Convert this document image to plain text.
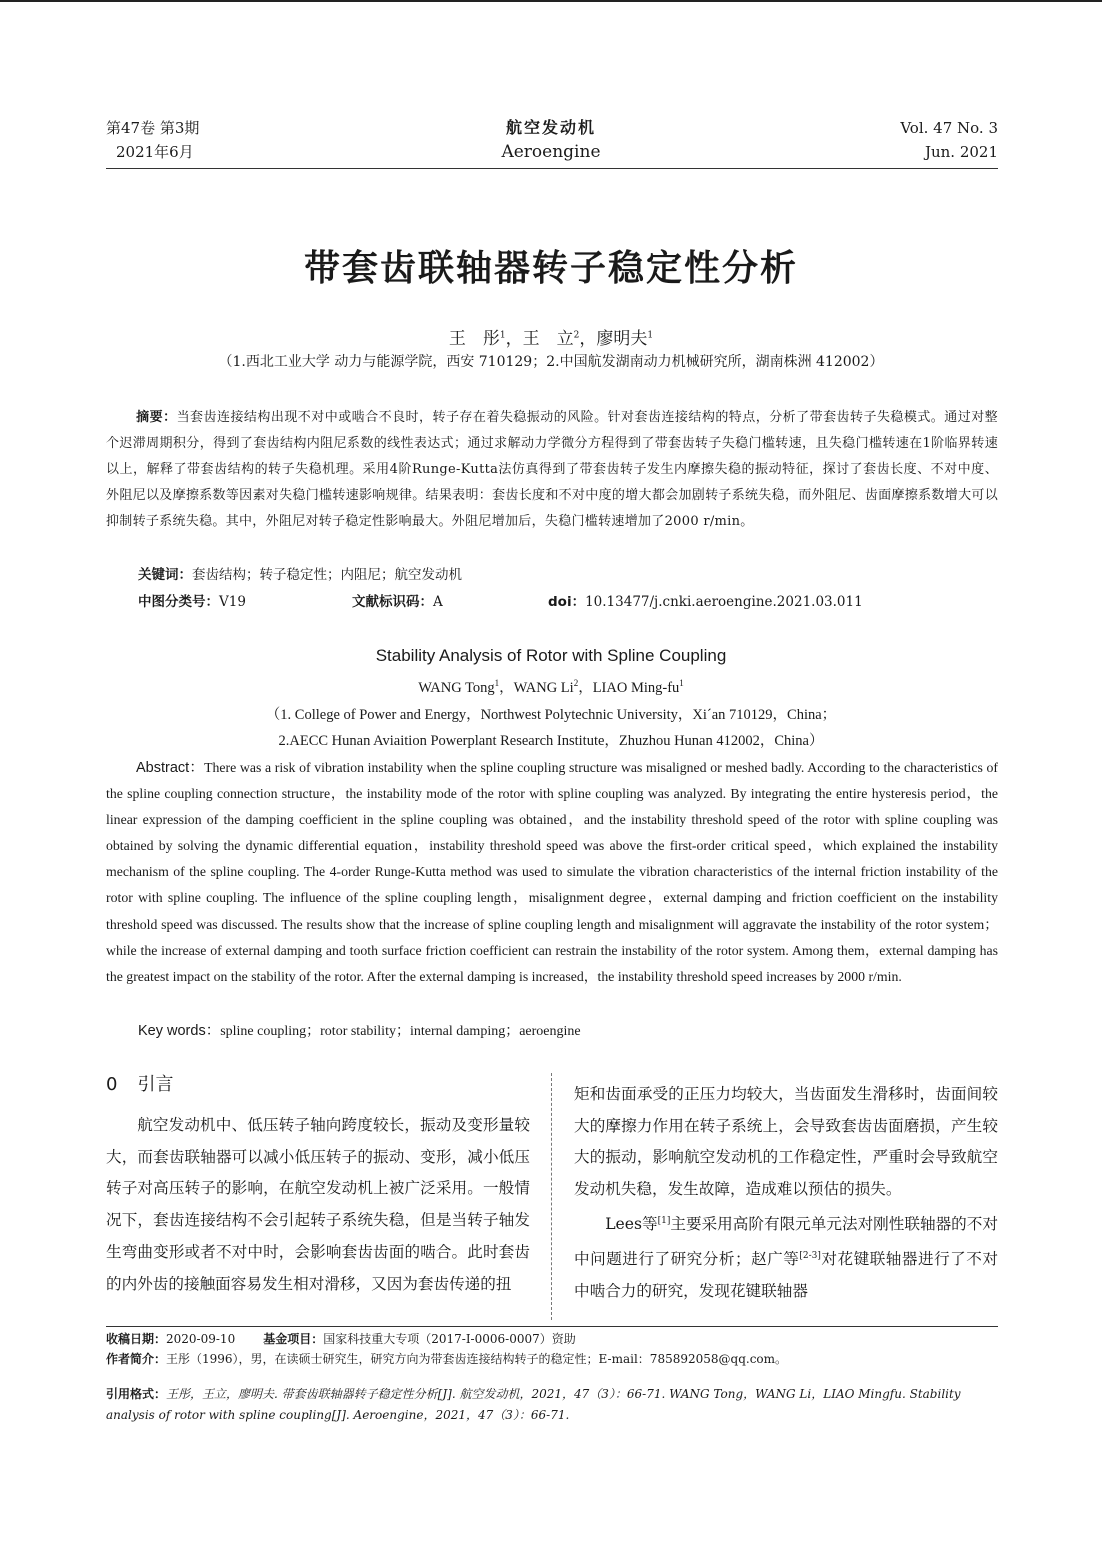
第47卷 第3期
2021年6月
航空发动机
Aeroengine
Vol. 47 No. 3
Jun. 2021
带套齿联轴器转子稳定性分析
王　彤$^1$，王　立$^2$，廖明夫$^1$
（1.西北工业大学 动力与能源学院，西安 710129；2.中国航发湖南动力机械研究所，湖南株洲 412002）
摘要：当套齿连接结构出现不对中或啮合不良时，转子存在着失稳振动的风险。针对套齿连接结构的特点，分析了带套齿转子失稳模式。通过对整个迟滞周期积分，得到了套齿结构内阻尼系数的线性表达式；通过求解动力学微分方程得到了带套齿转子失稳门槛转速，且失稳门槛转速在1阶临界转速以上，解释了带套齿结构的转子失稳机理。采用4阶Runge-Kutta法仿真得到了带套齿转子发生内摩擦失稳的振动特征，探讨了套齿长度、不对中度、外阻尼以及摩擦系数等因素对失稳门槛转速影响规律。结果表明：套齿长度和不对中度的增大都会加剧转子系统失稳，而外阻尼、齿面摩擦系数增大可以抑制转子系统失稳。其中，外阻尼对转子稳定性影响最大。外阻尼增加后，失稳门槛转速增加了2000 r/min。
关键词：套齿结构；转子稳定性；内阻尼；航空发动机
中图分类号：V19	文献标识码：A	doi：10.13477/j.cnki.aeroengine.2021.03.011
Stability Analysis of Rotor with Spline Coupling
WANG Tong$^1$，WANG Li$^2$，LIAO Ming-$fu^1$
（1. College of Power and Energy，Northwest Polytechnic University，Xi´an 710129，China；
2.AECC Hunan Aviaition Powerplant Research Institute，Zhuzhou Hunan 412002，China）
Abstract：There was a risk of vibration instability when the spline coupling structure was misaligned or meshed badly. According to the characteristics of the spline coupling connection structure，the instability mode of the rotor with spline coupling was analyzed. By integrating the entire hysteresis period，the linear expression of the damping coefficient in the spline coupling was obtained，and the instability threshold speed of the rotor with spline coupling was obtained by solving the dynamic differential equation，instability threshold speed was above the first-order critical speed，which explained the instability mechanism of the spline coupling. The 4-order Runge-Kutta method was used to simulate the vibration characteristics of the internal friction instability of the rotor with spline coupling. The influence of the spline coupling length，misalignment degree，external damping and friction coefficient on the instability threshold speed was discussed. The results show that the increase of spline coupling length and misalignment will aggravate the instability of the rotor system；while the increase of external damping and tooth surface friction coefficient can restrain the instability of the rotor system. Among them，external damping has the greatest impact on the stability of the rotor. After the external damping is increased，the instability threshold speed increases by 2000 r/min.
Key words：spline coupling；rotor stability；internal damping；aeroengine
0 引言

航空发动机中、低压转子轴向跨度较长，振动及变形量较大，而套齿联轴器可以减小低压转子的振动、变形，减小低压转子对高压转子的影响，在航空发动机上被广泛采用。一般情况下，套齿连接结构不会引起转子系统失稳，但是当转子轴发生弯曲变形或者不对中时，会影响套齿齿面的啮合。此时套齿的内外齿的接触面容易发生相对滑移，又因为套齿传递的扭

矩和齿面承受的正压力均较大，当齿面发生滑移时，齿面间较大的摩擦力作用在转子系统上，会导致套齿齿面磨损，产生较大的振动，影响航空发动机的工作稳定性，严重时会导致航空发动机失稳，发生故障，造成难以预估的损失。

Lees等[1]主要采用高阶有限元单元法对刚性联轴器的不对中问题进行了研究分析；赵广等[2-3]对花键联轴器进行了不对中啮合力的研究，发现花键联轴器

收稿日期：2020-09-10 基金项目：国家科技重大专项（2017-Ⅰ-0006-0007）资助
作者简介：王彤（1996），男，在读硕士研究生，研究方向为带套齿连接结构转子的稳定性；E-mail：785892058@qq.com。
引用格式：王彤，王立，廖明夫. 带套齿联轴器转子稳定性分析[J]. 航空发动机，2021，47（3）：66-71. WANG Tong，WANG Li，LIAO Mingfu. Stability analysis of rotor with spline coupling[J]. Aeroengine，2021，47（3）：66-71.
